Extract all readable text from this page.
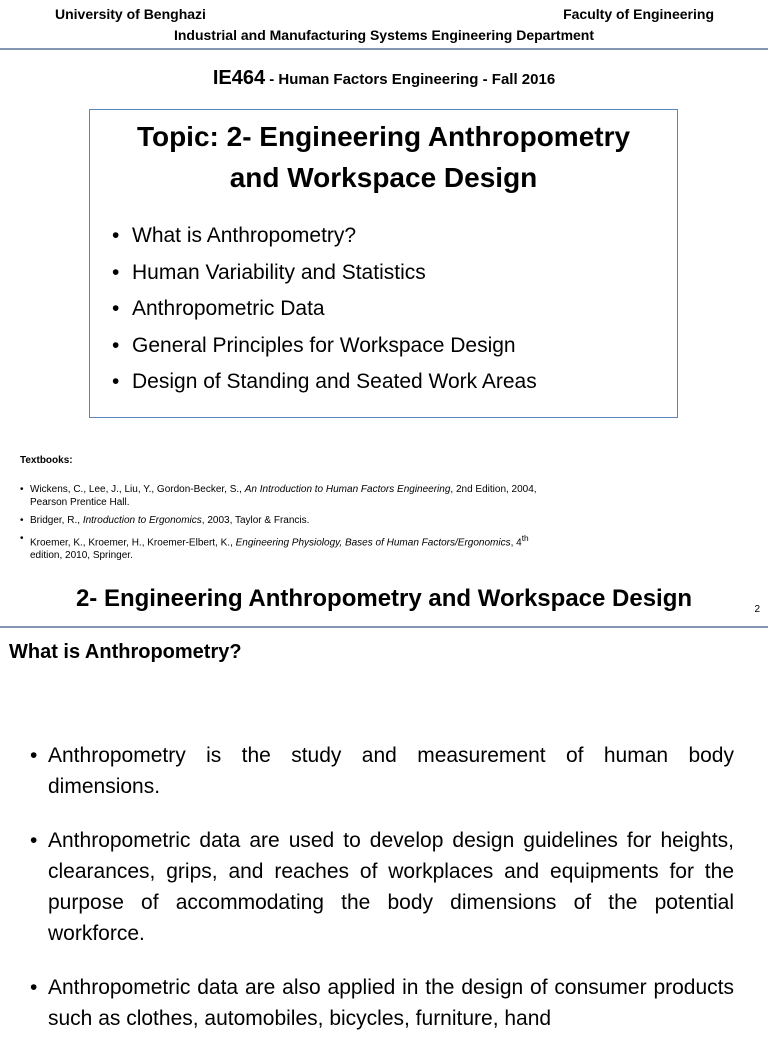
University of Benghazi	Faculty of Engineering
Industrial and Manufacturing Systems Engineering Department
IE464 - Human Factors Engineering - Fall 2016
Topic: 2- Engineering Anthropometry
and Workspace Design
• What is Anthropometry?
• Human Variability and Statistics
• Anthropometric Data
• General Principles for Workspace Design
• Design of Standing and Seated Work Areas
Textbooks:
• Wickens, C., Lee, J., Liu, Y., Gordon-Becker, S., An Introduction to Human Factors Engineering, 2nd Edition, 2004, Pearson Prentice Hall.
• Bridger, R., Introduction to Ergonomics, 2003, Taylor & Francis.
• Kroemer, K., Kroemer, H., Kroemer-Elbert, K., Engineering Physiology, Bases of Human Factors/Ergonomics, 4th edition, 2010, Springer.
2- Engineering Anthropometry and Workspace Design	2
What is Anthropometry?
• Anthropometry is the study and measurement of human body dimensions.
• Anthropometric data are used to develop design guidelines for heights, clearances, grips, and reaches of workplaces and equipments for the purpose of accommodating the body dimensions of the potential workforce.
• Anthropometric data are also applied in the design of consumer products such as clothes, automobiles, bicycles, furniture, hand
